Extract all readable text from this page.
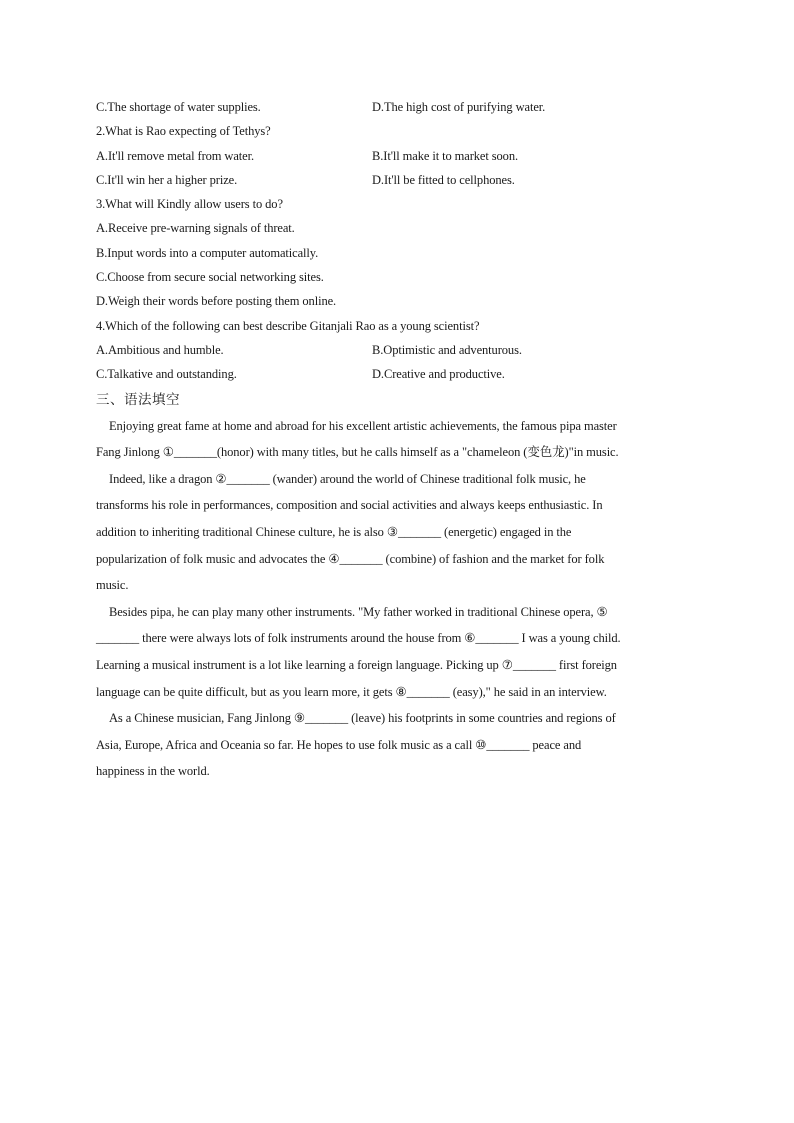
C.The shortage of water supplies.	D.The high cost of purifying water.
2.What is Rao expecting of Tethys?
A.It'll remove metal from water.	B.It'll make it to market soon.
C.It'll win her a higher prize.	D.It'll be fitted to cellphones.
3.What will Kindly allow users to do?
A.Receive pre-warning signals of threat.
B.Input words into a computer automatically.
C.Choose from secure social networking sites.
D.Weigh their words before posting them online.
4.Which of the following can best describe Gitanjali Rao as a young scientist?
A.Ambitious and humble.	B.Optimistic and adventurous.
C.Talkative and outstanding.	D.Creative and productive.
三、语法填空

Enjoying great fame at home and abroad for his excellent artistic achievements, the famous pipa master
Fang Jinlong ①_______(honor) with many titles, but he calls himself as a "chameleon (变色龙)"in music.

Indeed, like a dragon ②_______ (wander) around the world of Chinese traditional folk music, he
transforms his role in performances, composition and social activities and always keeps enthusiastic. In
addition to inheriting traditional Chinese culture, he is also ③_______ (energetic) engaged in the
popularization of folk music and advocates the ④_______ (combine) of fashion and the market for folk
music.

Besides pipa, he can play many other instruments. "My father worked in traditional Chinese opera, ⑤
_______ there were always lots of folk instruments around the house from ⑥_______ I was a young child.
Learning a musical instrument is a lot like learning a foreign language. Picking up ⑦_______ first foreign
language can be quite difficult, but as you learn more, it gets ⑧_______ (easy)," he said in an interview.

As a Chinese musician, Fang Jinlong ⑨_______ (leave) his footprints in some countries and regions of
Asia, Europe, Africa and Oceania so far. He hopes to use folk music as a call ⑩_______ peace and
happiness in the world.
